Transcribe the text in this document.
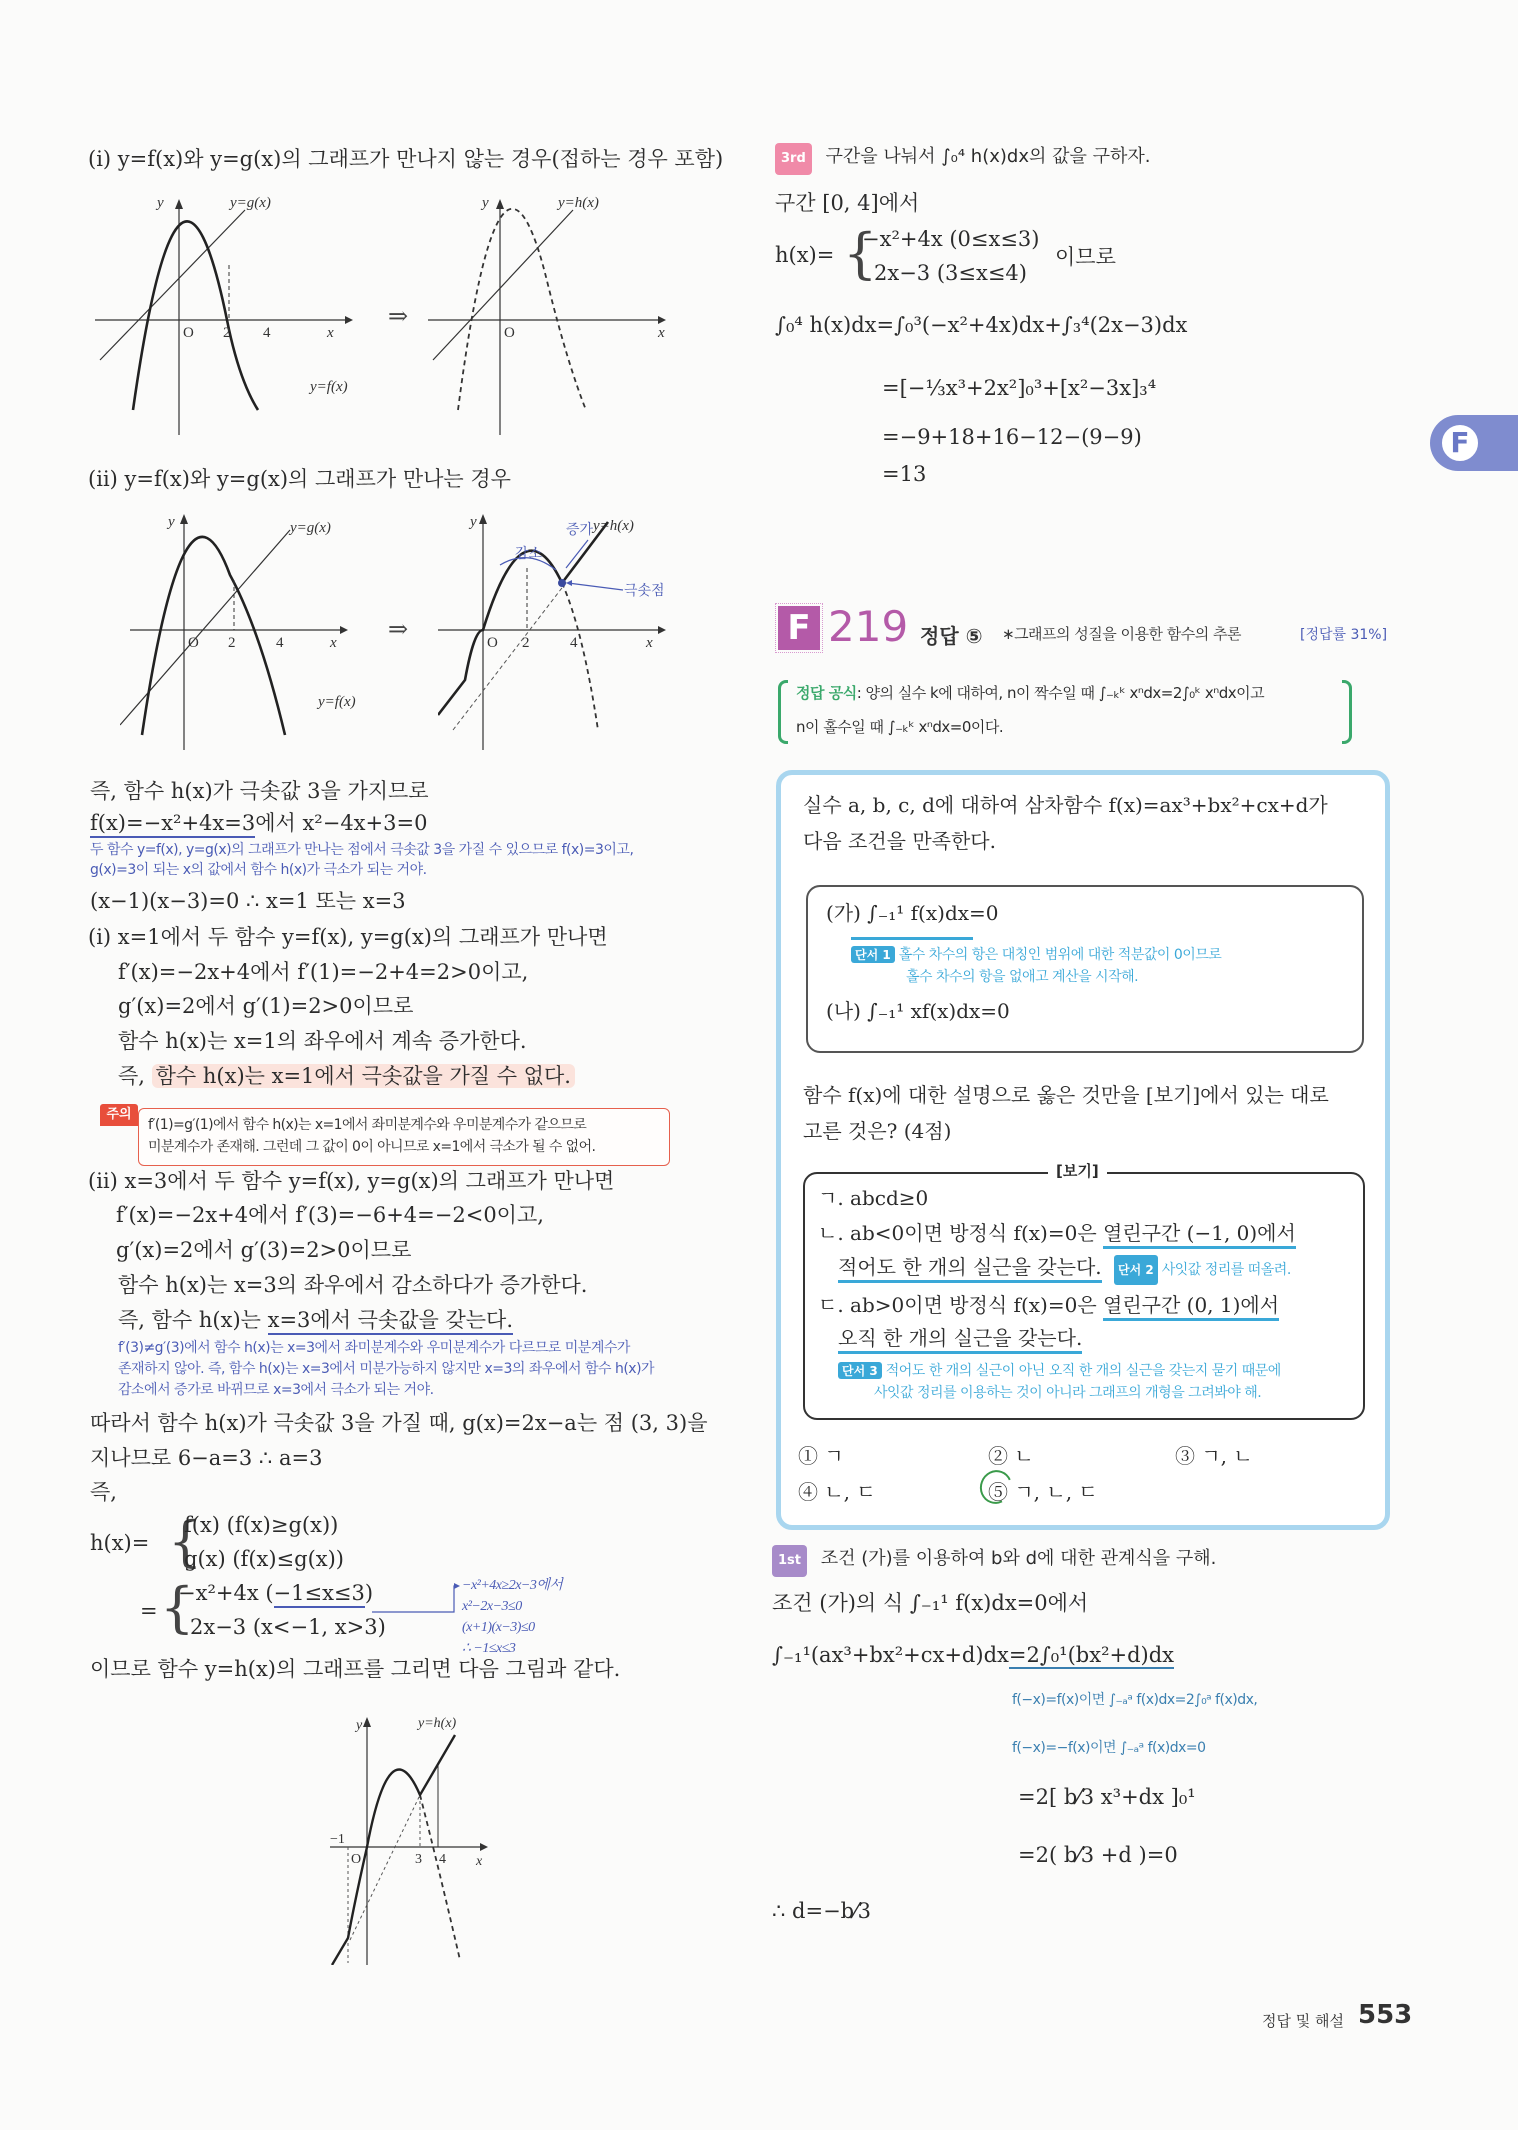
(ⅰ) y=f(x)와 y=g(x)의 그래프가 만나지 않는 경우(접하는 경우 포함)
y	y=g(x)
O 2 4	x
y=f(x)
⇒
y	y=h(x)
O	x
(ⅱ) y=f(x)와 y=g(x)의 그래프가 만나는 경우
y	y=g(x)
O 2	4	x
y=f(x)
⇒
y	y=h(x)
증가
감소
극솟점
O 2	4	x
즉, 함수 h(x)가 극솟값 3을 가지므로
f(x)=−x²+4x=3에서 x²−4x+3=0
두 함수 y=f(x), y=g(x)의 그래프가 만나는 점에서 극솟값 3을 가질 수 있으므로 f(x)=3이고,
g(x)=3이 되는 x의 값에서 함수 h(x)가 극소가 되는 거야.
(x−1)(x−3)=0 ∴ x=1 또는 x=3
(ⅰ) x=1에서 두 함수 y=f(x), y=g(x)의 그래프가 만나면
f′(x)=−2x+4에서 f′(1)=−2+4=2>0이고,
g′(x)=2에서 g′(1)=2>0이므로
함수 h(x)는 x=1의 좌우에서 계속 증가한다.
즉, 함수 h(x)는 x=1에서 극솟값을 가질 수 없다.
주의
f′(1)=g′(1)에서 함수 h(x)는 x=1에서 좌미분계수와 우미분계수가 같으므로
미분계수가 존재해. 그런데 그 값이 0이 아니므로 x=1에서 극소가 될 수 없어.
(ⅱ) x=3에서 두 함수 y=f(x), y=g(x)의 그래프가 만나면
f′(x)=−2x+4에서 f′(3)=−6+4=−2<0이고,
g′(x)=2에서 g′(3)=2>0이므로
함수 h(x)는 x=3의 좌우에서 감소하다가 증가한다.
즉, 함수 h(x)는 x=3에서 극솟값을 갖는다.
f′(3)≠g′(3)에서 함수 h(x)는 x=3에서 좌미분계수와 우미분계수가 다르므로 미분계수가
존재하지 않아. 즉, 함수 h(x)는 x=3에서 미분가능하지 않지만 x=3의 좌우에서 함수 h(x)가
감소에서 증가로 바뀌므로 x=3에서 극소가 되는 거야.
따라서 함수 h(x)가 극솟값 3을 가질 때, g(x)=2x−a는 점 (3, 3)을
지나므로 6−a=3 ∴ a=3
즉,
h(x)= {
f(x) (f(x)≥g(x))
g(x) (f(x)≤g(x))
= {
−x²+4x (−1≤x≤3)
2x−3 (x<−1, x>3)
−x²+4x≥2x−3에서
x²−2x−3≤0
(x+1)(x−3)≤0
∴ −1≤x≤3
이므로 함수 y=h(x)의 그래프를 그리면 다음 그림과 같다.
y	y=h(x)
−1
O	3 4 x
3rd 구간을 나눠서 ∫₀⁴ h(x)dx의 값을 구하자.
구간 [0, 4]에서
h(x)= {
−x²+4x (0≤x≤3)
2x−3 (3≤x≤4)
이므로
∫₀⁴ h(x)dx=∫₀³(−x²+4x)dx+∫₃⁴(2x−3)dx
=[−⅓x³+2x²]₀³+[x²−3x]₃⁴
=−9+18+16−12−(9−9)
=13
F
F 219 정답 ⑤ ∗그래프의 성질을 이용한 함수의 추론	[정답률 31%]
정답 공식: 양의 실수 k에 대하여, n이 짝수일 때 ∫₋ₖᵏ xⁿdx=2∫₀ᵏ xⁿdx이고
n이 홀수일 때 ∫₋ₖᵏ xⁿdx=0이다.
실수 a, b, c, d에 대하여 삼차함수 f(x)=ax³+bx²+cx+d가
다음 조건을 만족한다.
(가) ∫₋₁¹ f(x)dx=0
단서 1 홀수 차수의 항은 대칭인 범위에 대한 적분값이 0이므로
홀수 차수의 항을 없애고 계산을 시작해.
(나) ∫₋₁¹ xf(x)dx=0
함수 f(x)에 대한 설명으로 옳은 것만을 [보기]에서 있는 대로
고른 것은? (4점)
[보기]
ㄱ. abcd≥0
ㄴ. ab<0이면 방정식 f(x)=0은 열린구간 (−1, 0)에서
적어도 한 개의 실근을 갖는다. 단서 2 사잇값 정리를 떠올려.
ㄷ. ab>0이면 방정식 f(x)=0은 열린구간 (0, 1)에서
오직 한 개의 실근을 갖는다.
단서 3 적어도 한 개의 실근이 아닌 오직 한 개의 실근을 갖는지 묻기 때문에
사잇값 정리를 이용하는 것이 아니라 그래프의 개형을 그려봐야 해.
① ㄱ	② ㄴ	③ ㄱ, ㄴ
④ ㄴ, ㄷ	⑤ ㄱ, ㄴ, ㄷ
1st 조건 (가)를 이용하여 b와 d에 대한 관계식을 구해.
조건 (가)의 식 ∫₋₁¹ f(x)dx=0에서
∫₋₁¹(ax³+bx²+cx+d)dx=2∫₀¹(bx²+d)dx
f(−x)=f(x)이면 ∫₋ₐᵃ f(x)dx=2∫₀ᵃ f(x)dx,
f(−x)=−f(x)이면 ∫₋ₐᵃ f(x)dx=0
=2[ b⁄3 x³+dx ]₀¹
=2( b⁄3 +d )=0
∴ d=−b⁄3
정답 및 해설 553
